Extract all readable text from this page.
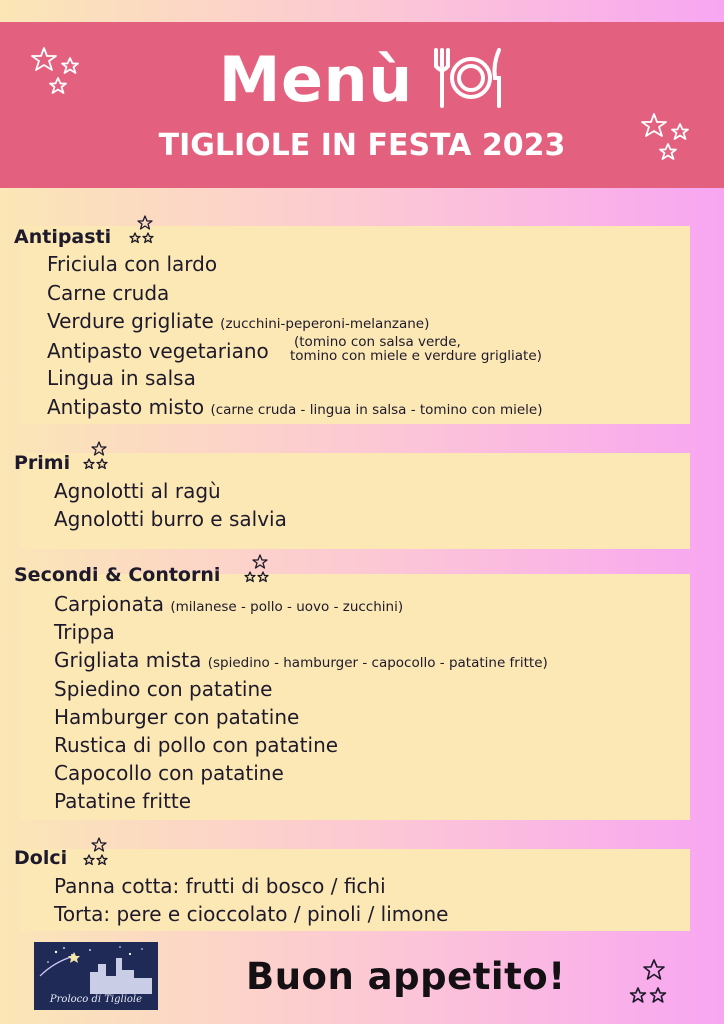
Menù
TIGLIOLE IN FESTA 2023
Antipasti
Friciula con lardo
Carne cruda
Verdure grigliate (zucchini-peperoni-melanzane)
Antipasto vegetariano (tomino con salsa verde,
tomino con miele e verdure grigliate)
Lingua in salsa
Antipasto misto (carne cruda - lingua in salsa - tomino con miele)
Primi
Agnolotti al ragù
Agnolotti burro e salvia
Secondi & Contorni
Carpionata (milanese - pollo - uovo - zucchini)
Trippa
Grigliata mista (spiedino - hamburger - capocollo - patatine fritte)
Spiedino con patatine
Hamburger con patatine
Rustica di pollo con patatine
Capocollo con patatine
Patatine fritte
Dolci
Panna cotta: frutti di bosco / fichi
Torta: pere e cioccolato / pinoli / limone
Proloco di Tigliole
Buon appetito!
